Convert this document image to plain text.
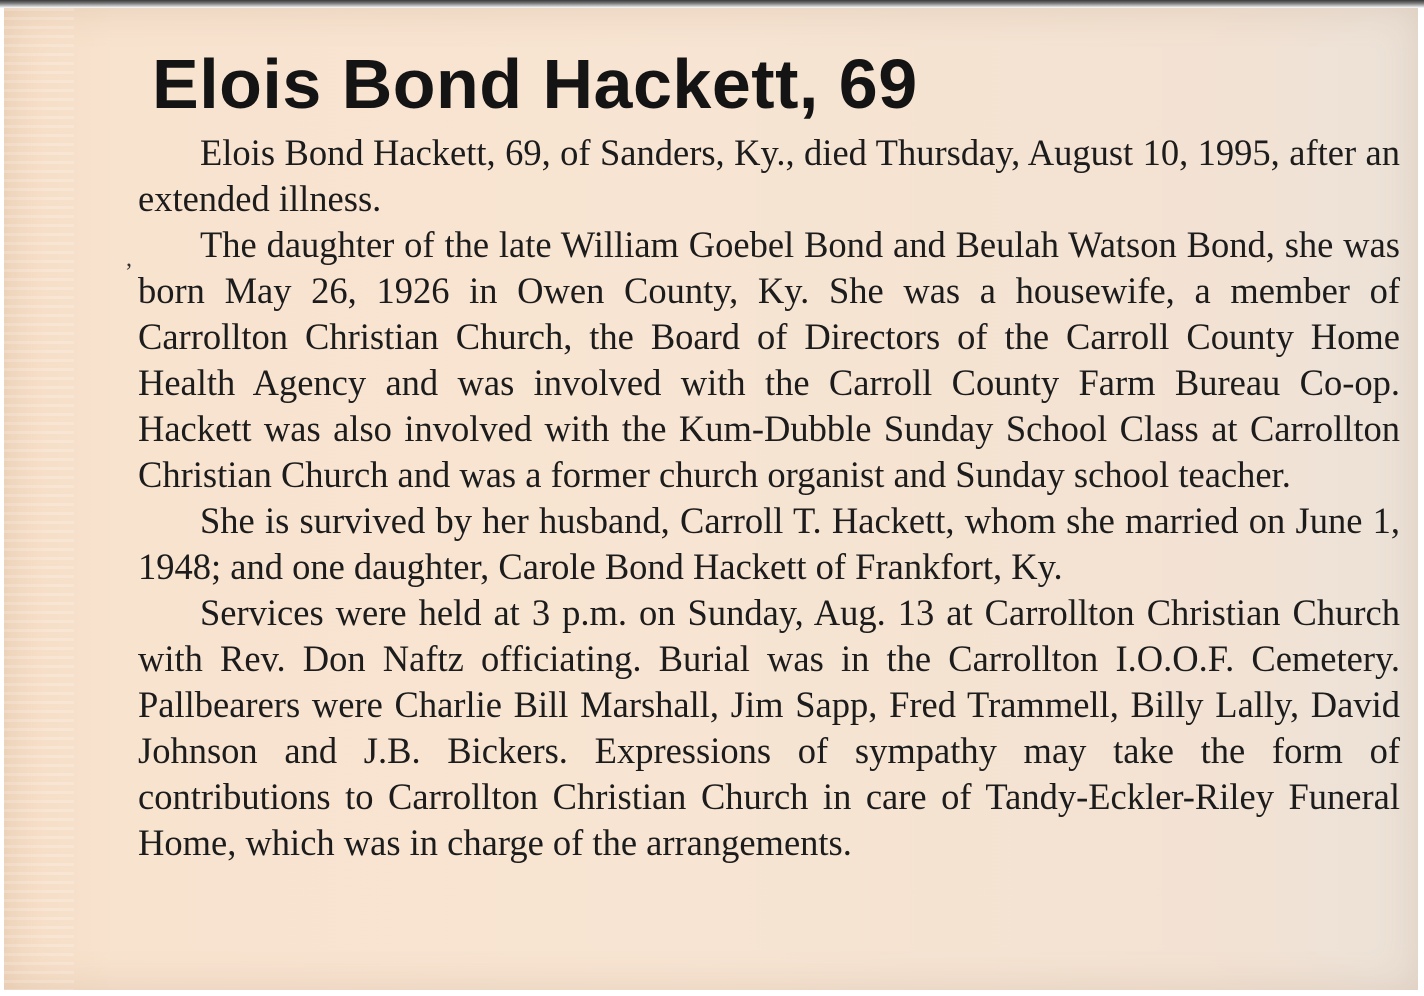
Elois Bond Hackett, 69
,

Elois Bond Hackett, 69, of Sanders, Ky., died Thursday, August 10, 1995, after an extended illness.

The daughter of the late William Goebel Bond and Beulah Watson Bond, she was born May 26, 1926 in Owen County, Ky. She was a housewife, a member of Carrollton Christian Church, the Board of Directors of the Carroll County Home Health Agency and was involved with the Carroll County Farm Bureau Co-op. Hackett was also involved with the Kum-Dubble Sunday School Class at Carrollton Christian Church and was a former church organist and Sunday school teacher.

She is survived by her husband, Carroll T. Hackett, whom she married on June 1, 1948; and one daughter, Carole Bond Hackett of Frankfort, Ky.

Services were held at 3 p.m. on Sunday, Aug. 13 at Carrollton Christian Church with Rev. Don Naftz officiating. Burial was in the Carrollton I.O.O.F. Cemetery. Pallbearers were Charlie Bill Marshall, Jim Sapp, Fred Trammell, Billy Lally, David Johnson and J.B. Bickers. Expressions of sympathy may take the form of contributions to Carrollton Christian Church in care of Tandy-Eckler-Riley Funeral Home, which was in charge of the arrangements.
